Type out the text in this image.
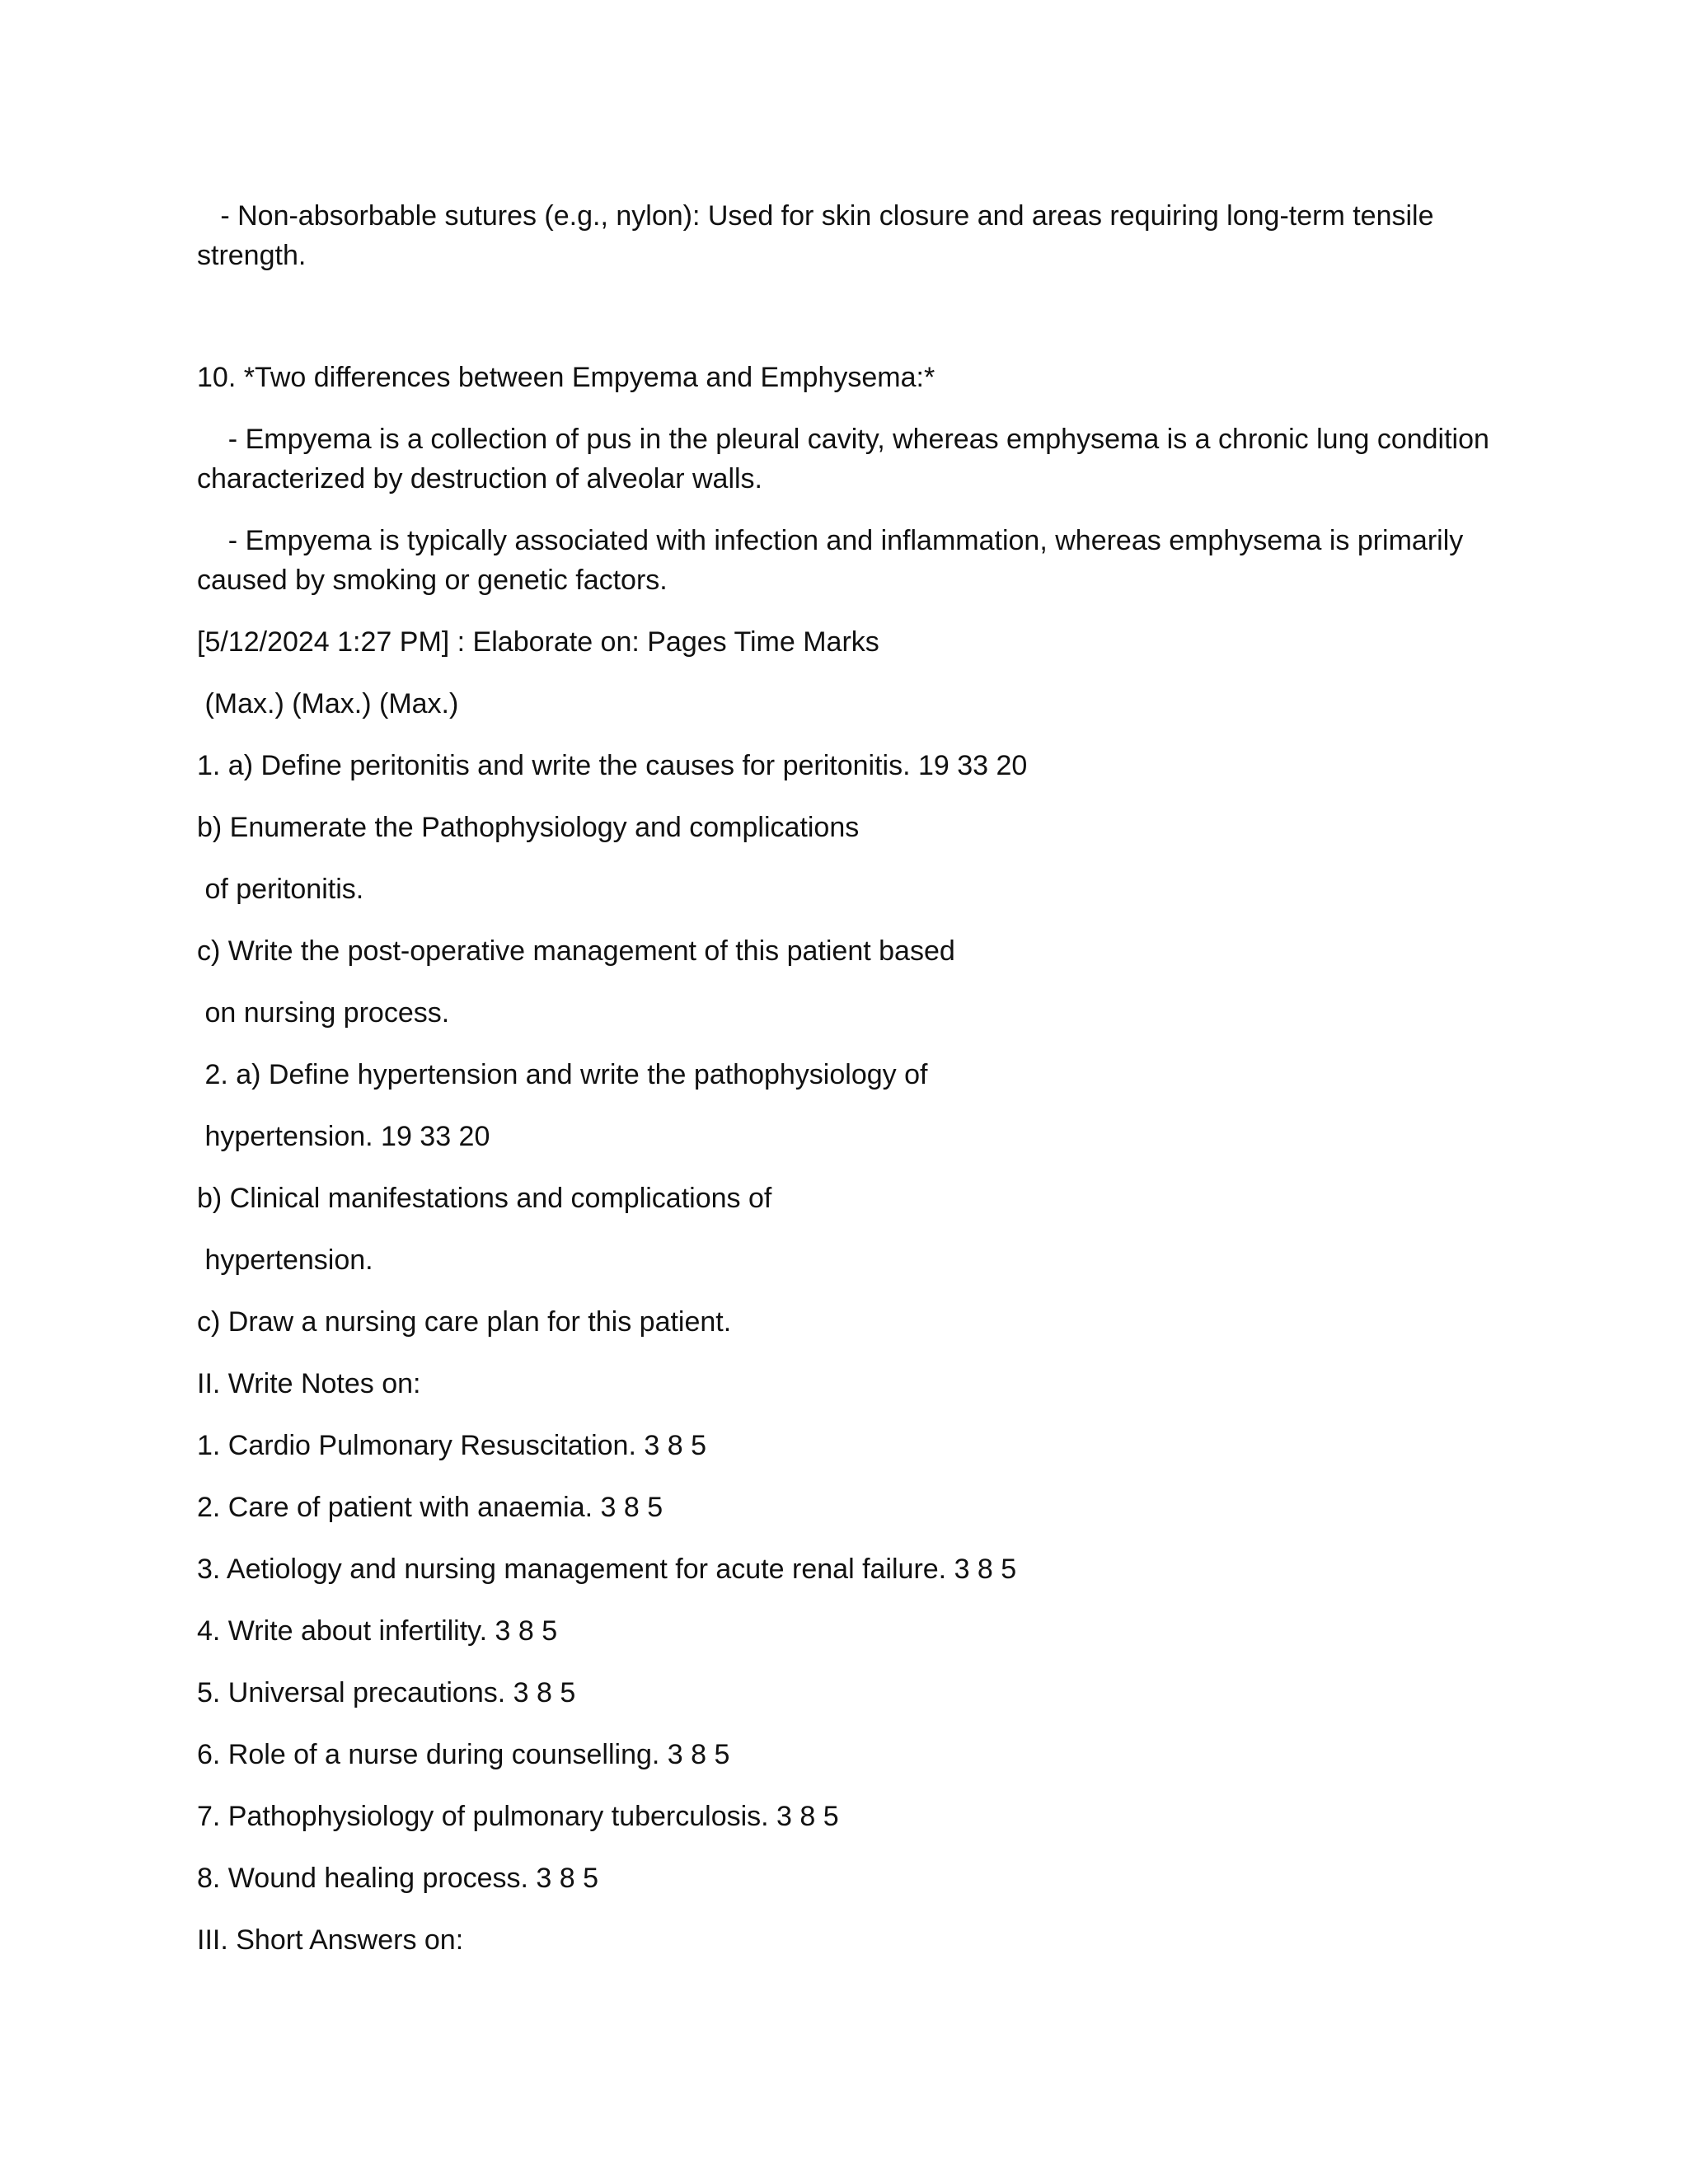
- Non-absorbable sutures (e.g., nylon): Used for skin closure and areas requiring long-term tensile
strength.
10. *Two differences between Empyema and Emphysema:*
- Empyema is a collection of pus in the pleural cavity, whereas emphysema is a chronic lung condition
characterized by destruction of alveolar walls.
- Empyema is typically associated with infection and inflammation, whereas emphysema is primarily
caused by smoking or genetic factors.
[5/12/2024 1:27 PM] : Elaborate on: Pages Time Marks
(Max.) (Max.) (Max.)
1. a) Define peritonitis and write the causes for peritonitis. 19 33 20
b) Enumerate the Pathophysiology and complications
of peritonitis.
c) Write the post-operative management of this patient based
on nursing process.
2. a) Define hypertension and write the pathophysiology of
hypertension. 19 33 20
b) Clinical manifestations and complications of
hypertension.
c) Draw a nursing care plan for this patient.
II. Write Notes on:
1. Cardio Pulmonary Resuscitation. 3 8 5
2. Care of patient with anaemia. 3 8 5
3. Aetiology and nursing management for acute renal failure. 3 8 5
4. Write about infertility. 3 8 5
5. Universal precautions. 3 8 5
6. Role of a nurse during counselling. 3 8 5
7. Pathophysiology of pulmonary tuberculosis. 3 8 5
8. Wound healing process. 3 8 5
III. Short Answers on:
